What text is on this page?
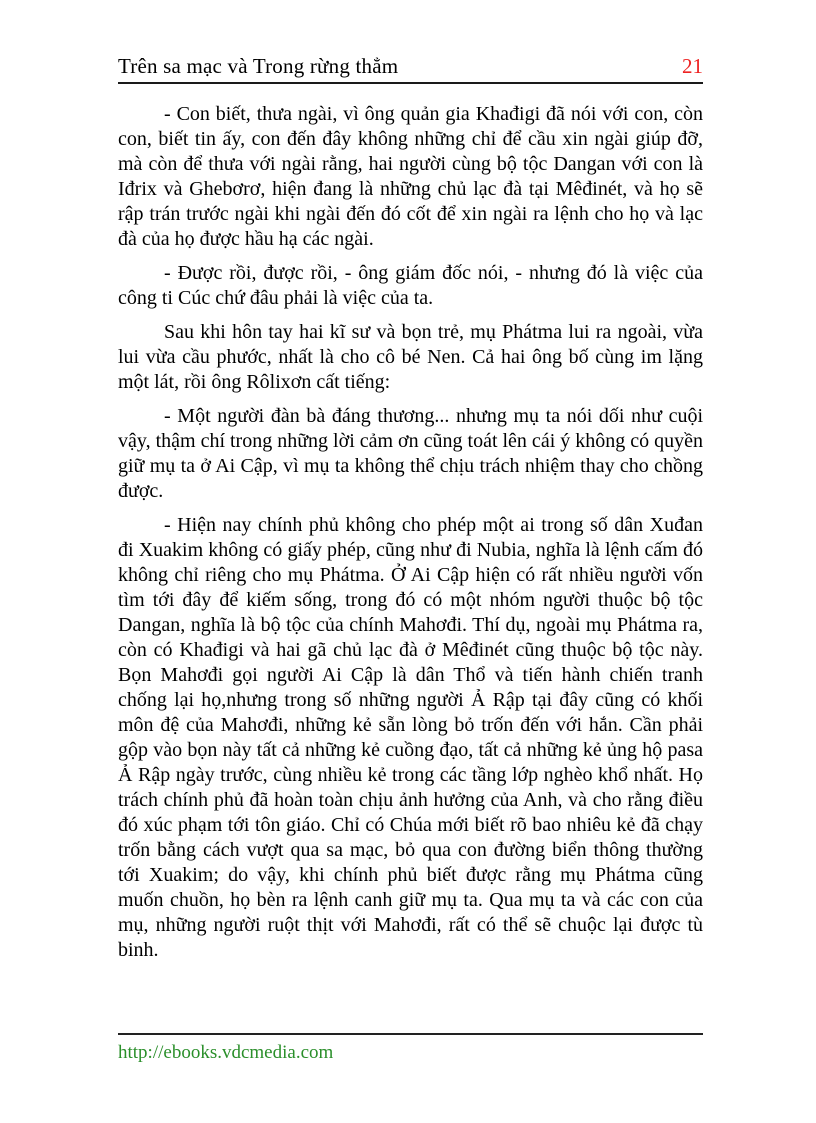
Trên sa mạc và Trong rừng thẳm	21

- Con biết, thưa ngài, vì ông quản gia Khađigi đã nói với con, còn con, biết tin ấy, con đến đây không những chỉ để cầu xin ngài giúp đỡ, mà còn để thưa với ngài rằng, hai người cùng bộ tộc Dangan với con là Iđrix và Ghebơrơ, hiện đang là những chủ lạc đà tại Mêđinét, và họ sẽ rập trán trước ngài khi ngài đến đó cốt để xin ngài ra lệnh cho họ và lạc đà của họ được hầu hạ các ngài.

- Được rồi, được rồi, - ông giám đốc nói, - nhưng đó là việc của công ti Cúc chứ đâu phải là việc của ta.

Sau khi hôn tay hai kĩ sư và bọn trẻ, mụ Phátma lui ra ngoài, vừa lui vừa cầu phước, nhất là cho cô bé Nen. Cả hai ông bố cùng im lặng một lát, rồi ông Rôlixơn cất tiếng:

- Một người đàn bà đáng thương... nhưng mụ ta nói dối như cuội vậy, thậm chí trong những lời cảm ơn cũng toát lên cái ý không có quyền giữ mụ ta ở Ai Cập, vì mụ ta không thể chịu trách nhiệm thay cho chồng được.

- Hiện nay chính phủ không cho phép một ai trong số dân Xuđan đi Xuakim không có giấy phép, cũng như đi Nubia, nghĩa là lệnh cấm đó không chỉ riêng cho mụ Phátma. Ở Ai Cập hiện có rất nhiều người vốn tìm tới đây để kiếm sống, trong đó có một nhóm người thuộc bộ tộc Dangan, nghĩa là bộ tộc của chính Mahơđi. Thí dụ, ngoài mụ Phátma ra, còn có Khađigi và hai gã chủ lạc đà ở Mêđinét cũng thuộc bộ tộc này. Bọn Mahơđi gọi người Ai Cập là dân Thổ và tiến hành chiến tranh chống lại họ,nhưng trong số những người Ả Rập tại đây cũng có khối môn đệ của Mahơđi, những kẻ sẵn lòng bỏ trốn đến với hắn. Cần phải gộp vào bọn này tất cả những kẻ cuồng đạo, tất cả những kẻ ủng hộ pasa Ả Rập ngày trước, cùng nhiều kẻ trong các tầng lớp nghèo khổ nhất. Họ trách chính phủ đã hoàn toàn chịu ảnh hưởng của Anh, và cho rằng điều đó xúc phạm tới tôn giáo. Chỉ có Chúa mới biết rõ bao nhiêu kẻ đã chạy trốn bằng cách vượt qua sa mạc, bỏ qua con đường biển thông thường tới Xuakim; do vậy, khi chính phủ biết được rằng mụ Phátma cũng muốn chuồn, họ bèn ra lệnh canh giữ mụ ta. Qua mụ ta và các con của mụ, những người ruột thịt với Mahơđi, rất có thể sẽ chuộc lại được tù binh.

http://ebooks.vdcmedia.com
